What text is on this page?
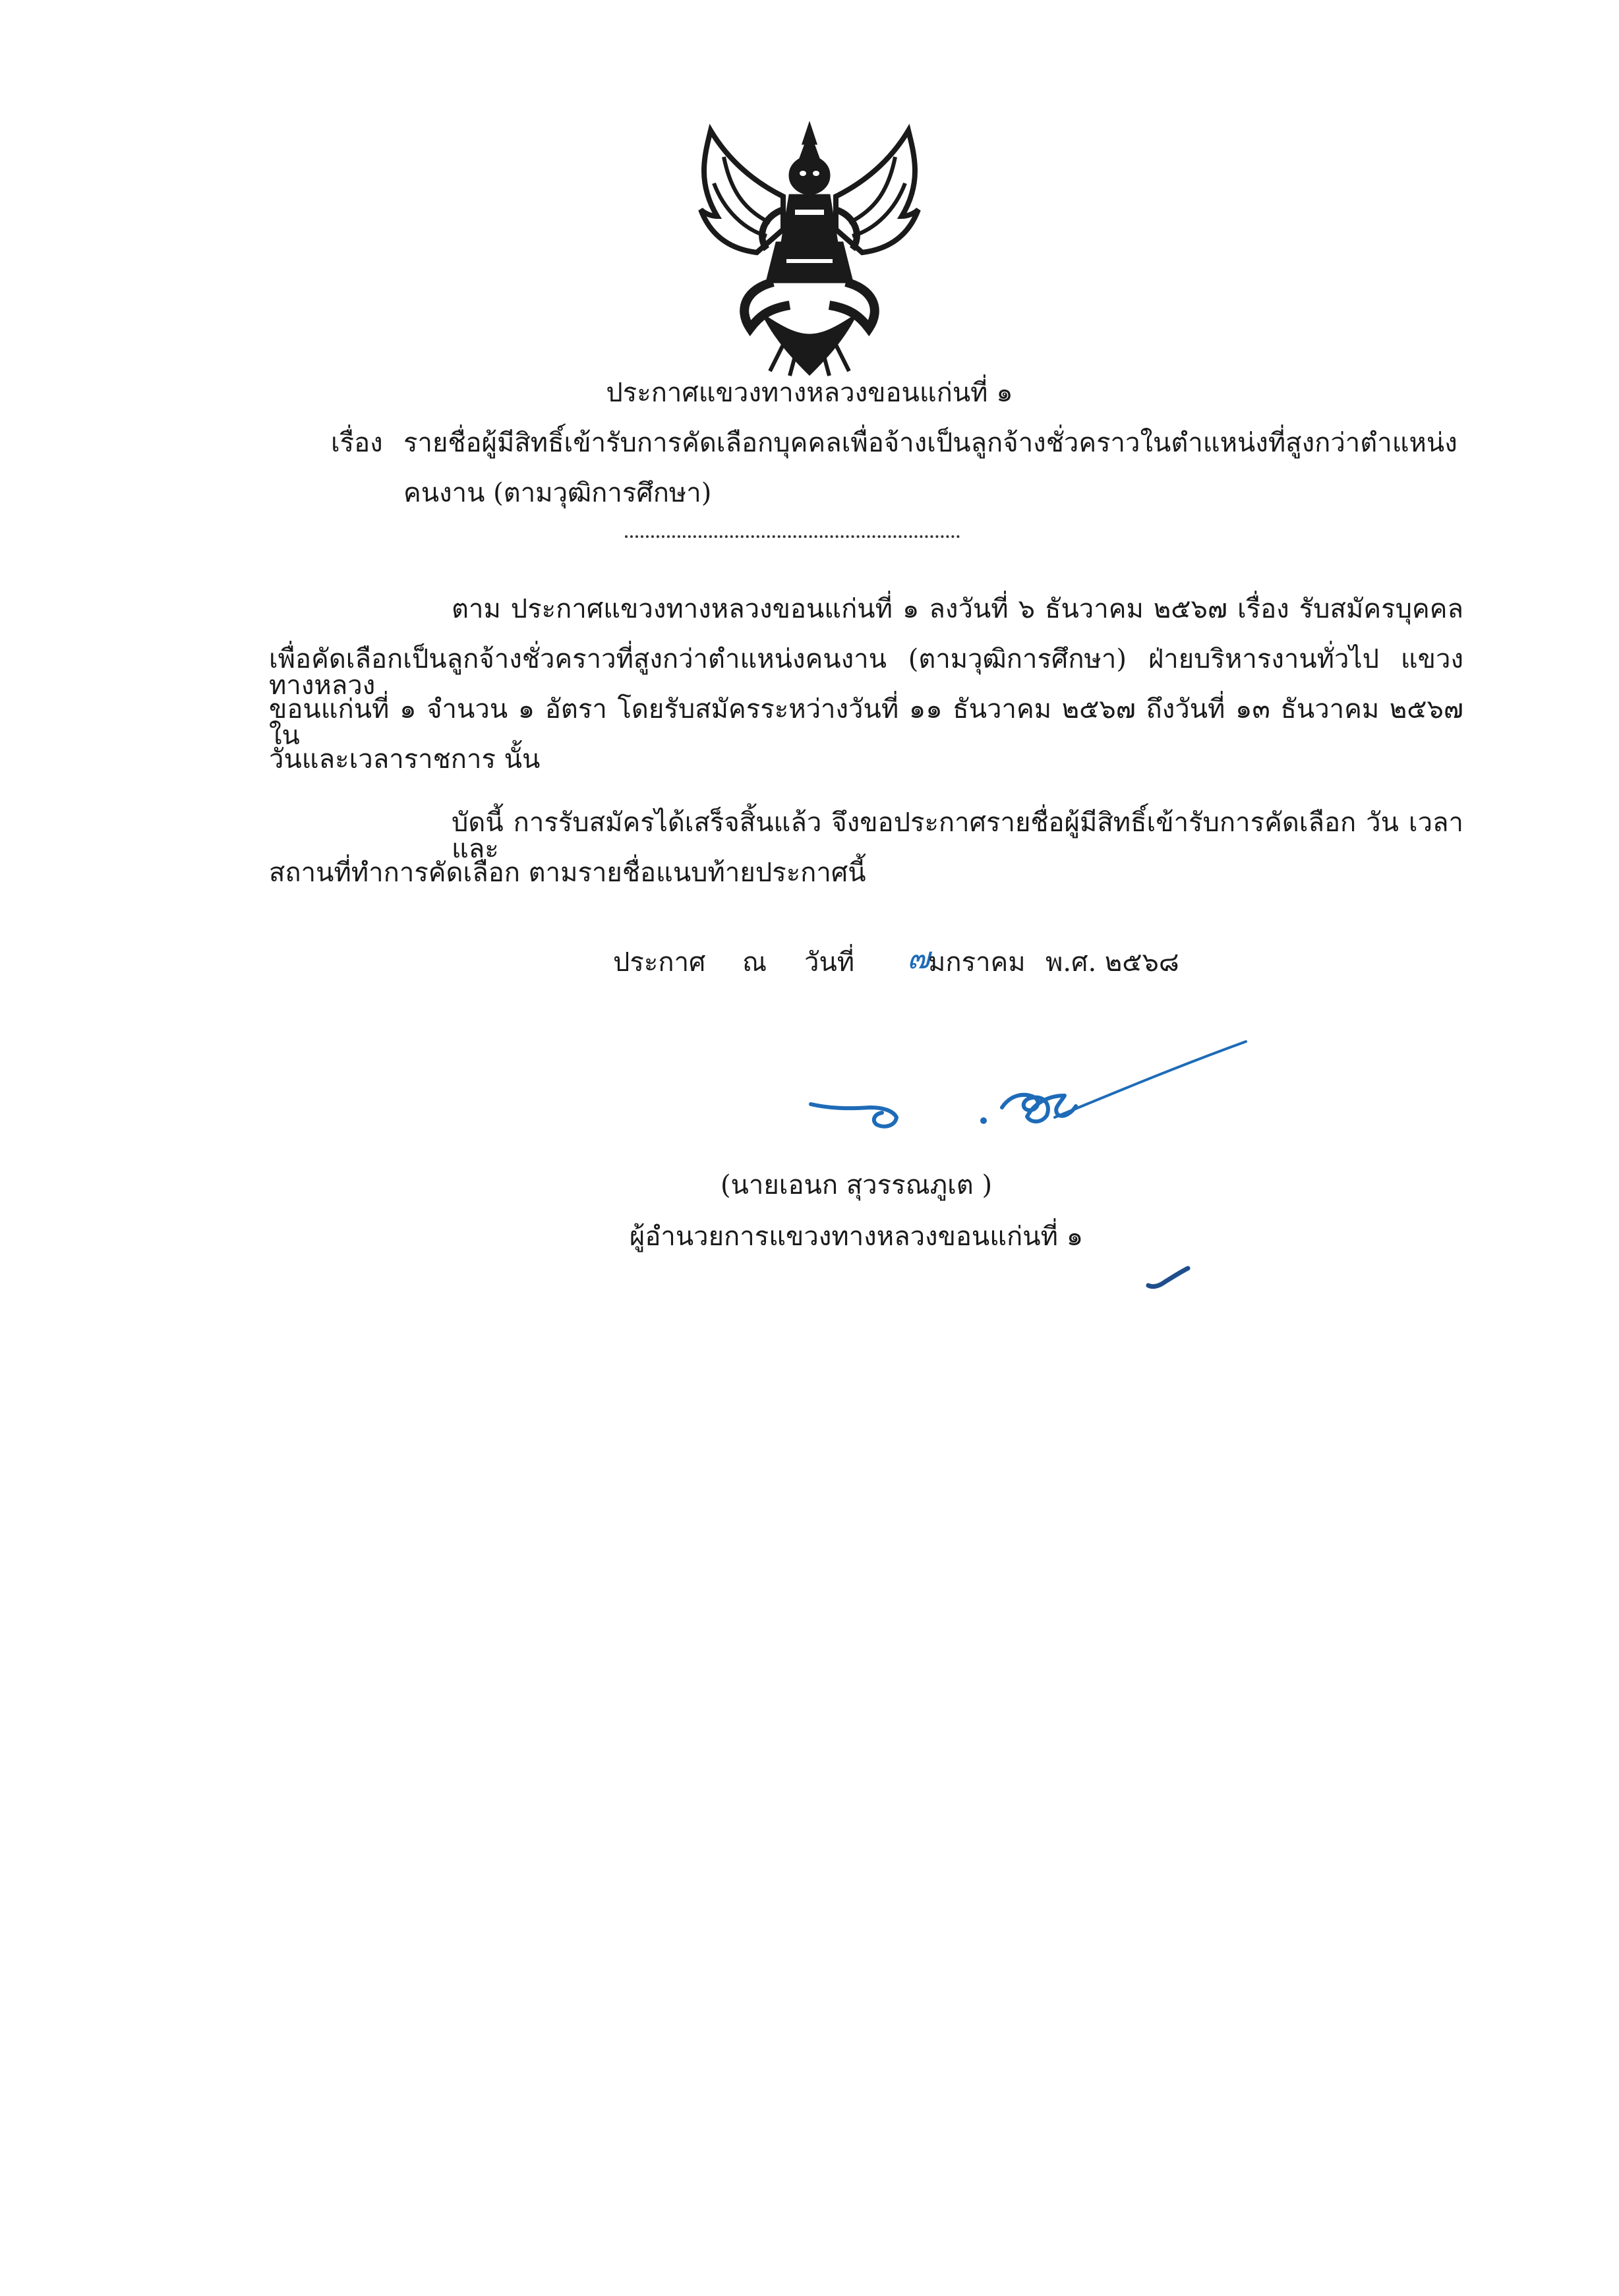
ประกาศแขวงทางหลวงขอนแก่นที่ ๑
เรื่อง รายชื่อผู้มีสิทธิ์เข้ารับการคัดเลือกบุคคลเพื่อจ้างเป็นลูกจ้างชั่วคราวในตำแหน่งที่สูงกว่าตำแหน่ง
คนงาน (ตามวุฒิการศึกษา)
ตาม ประกาศแขวงทางหลวงขอนแก่นที่ ๑ ลงวันที่ ๖ ธันวาคม ๒๕๖๗ เรื่อง รับสมัครบุคคล
เพื่อคัดเลือกเป็นลูกจ้างชั่วคราวที่สูงกว่าตำแหน่งคนงาน (ตามวุฒิการศึกษา) ฝ่ายบริหารงานทั่วไป แขวงทางหลวง
ขอนแก่นที่ ๑ จำนวน ๑ อัตรา โดยรับสมัครระหว่างวันที่ ๑๑ ธันวาคม ๒๕๖๗ ถึงวันที่ ๑๓ ธันวาคม ๒๕๖๗ ใน
วันและเวลาราชการ นั้น
บัดนี้ การรับสมัครได้เสร็จสิ้นแล้ว จึงขอประกาศรายชื่อผู้มีสิทธิ์เข้ารับการคัดเลือก วัน เวลา และ
สถานที่ทำการคัดเลือก ตามรายชื่อแนบท้ายประกาศนี้
ประกาศ ณ วันที่ ๗
มกราคม พ.ศ. ๒๕๖๘
(นายเอนก สุวรรณภูเต )
ผู้อำนวยการแขวงทางหลวงขอนแก่นที่ ๑
